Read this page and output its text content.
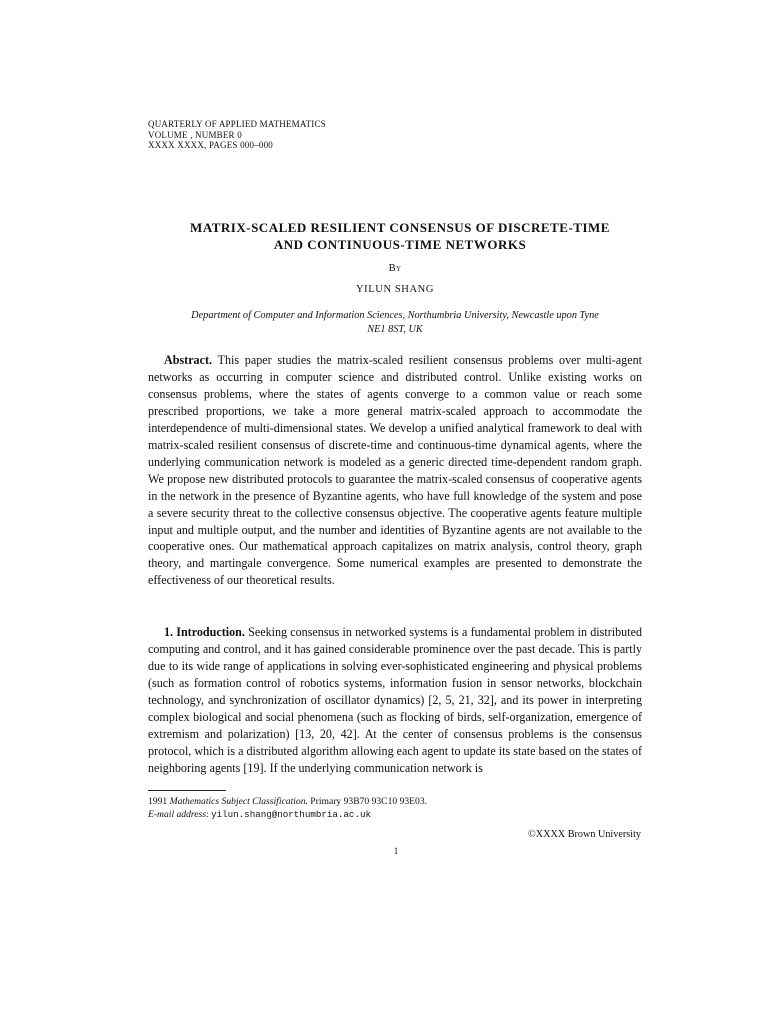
QUARTERLY OF APPLIED MATHEMATICS
VOLUME , NUMBER 0
XXXX XXXX, PAGES 000–000
MATRIX-SCALED RESILIENT CONSENSUS OF DISCRETE-TIME
AND CONTINUOUS-TIME NETWORKS
By
YILUN SHANG
Department of Computer and Information Sciences, Northumbria University, Newcastle upon Tyne
NE1 8ST, UK
Abstract. This paper studies the matrix-scaled resilient consensus problems over multi-agent networks as occurring in computer science and distributed control. Unlike existing works on consensus problems, where the states of agents converge to a common value or reach some prescribed proportions, we take a more general matrix-scaled approach to accommodate the interdependence of multi-dimensional states. We develop a unified analytical framework to deal with matrix-scaled resilient consensus of discrete-time and continuous-time dynamical agents, where the underlying communication network is modeled as a generic directed time-dependent random graph. We propose new distributed protocols to guarantee the matrix-scaled consensus of cooperative agents in the network in the presence of Byzantine agents, who have full knowledge of the system and pose a severe security threat to the collective consensus objective. The cooperative agents feature multiple input and multiple output, and the number and identities of Byzantine agents are not available to the cooperative ones. Our mathematical approach capitalizes on matrix analysis, control theory, graph theory, and martingale convergence. Some numerical examples are presented to demonstrate the effectiveness of our theoretical results.
1. Introduction. Seeking consensus in networked systems is a fundamental problem in distributed computing and control, and it has gained considerable prominence over the past decade. This is partly due to its wide range of applications in solving ever-sophisticated engineering and physical problems (such as formation control of robotics systems, information fusion in sensor networks, blockchain technology, and synchronization of oscillator dynamics) [2, 5, 21, 32], and its power in interpreting complex biological and social phenomena (such as flocking of birds, self-organization, emergence of extremism and polarization) [13, 20, 42]. At the center of consensus problems is the consensus protocol, which is a distributed algorithm allowing each agent to update its state based on the states of neighboring agents [19]. If the underlying communication network is
1991 Mathematics Subject Classification. Primary 93B70 93C10 93E03.
E-mail address: yilun.shang@northumbria.ac.uk
©XXXX Brown University
1
